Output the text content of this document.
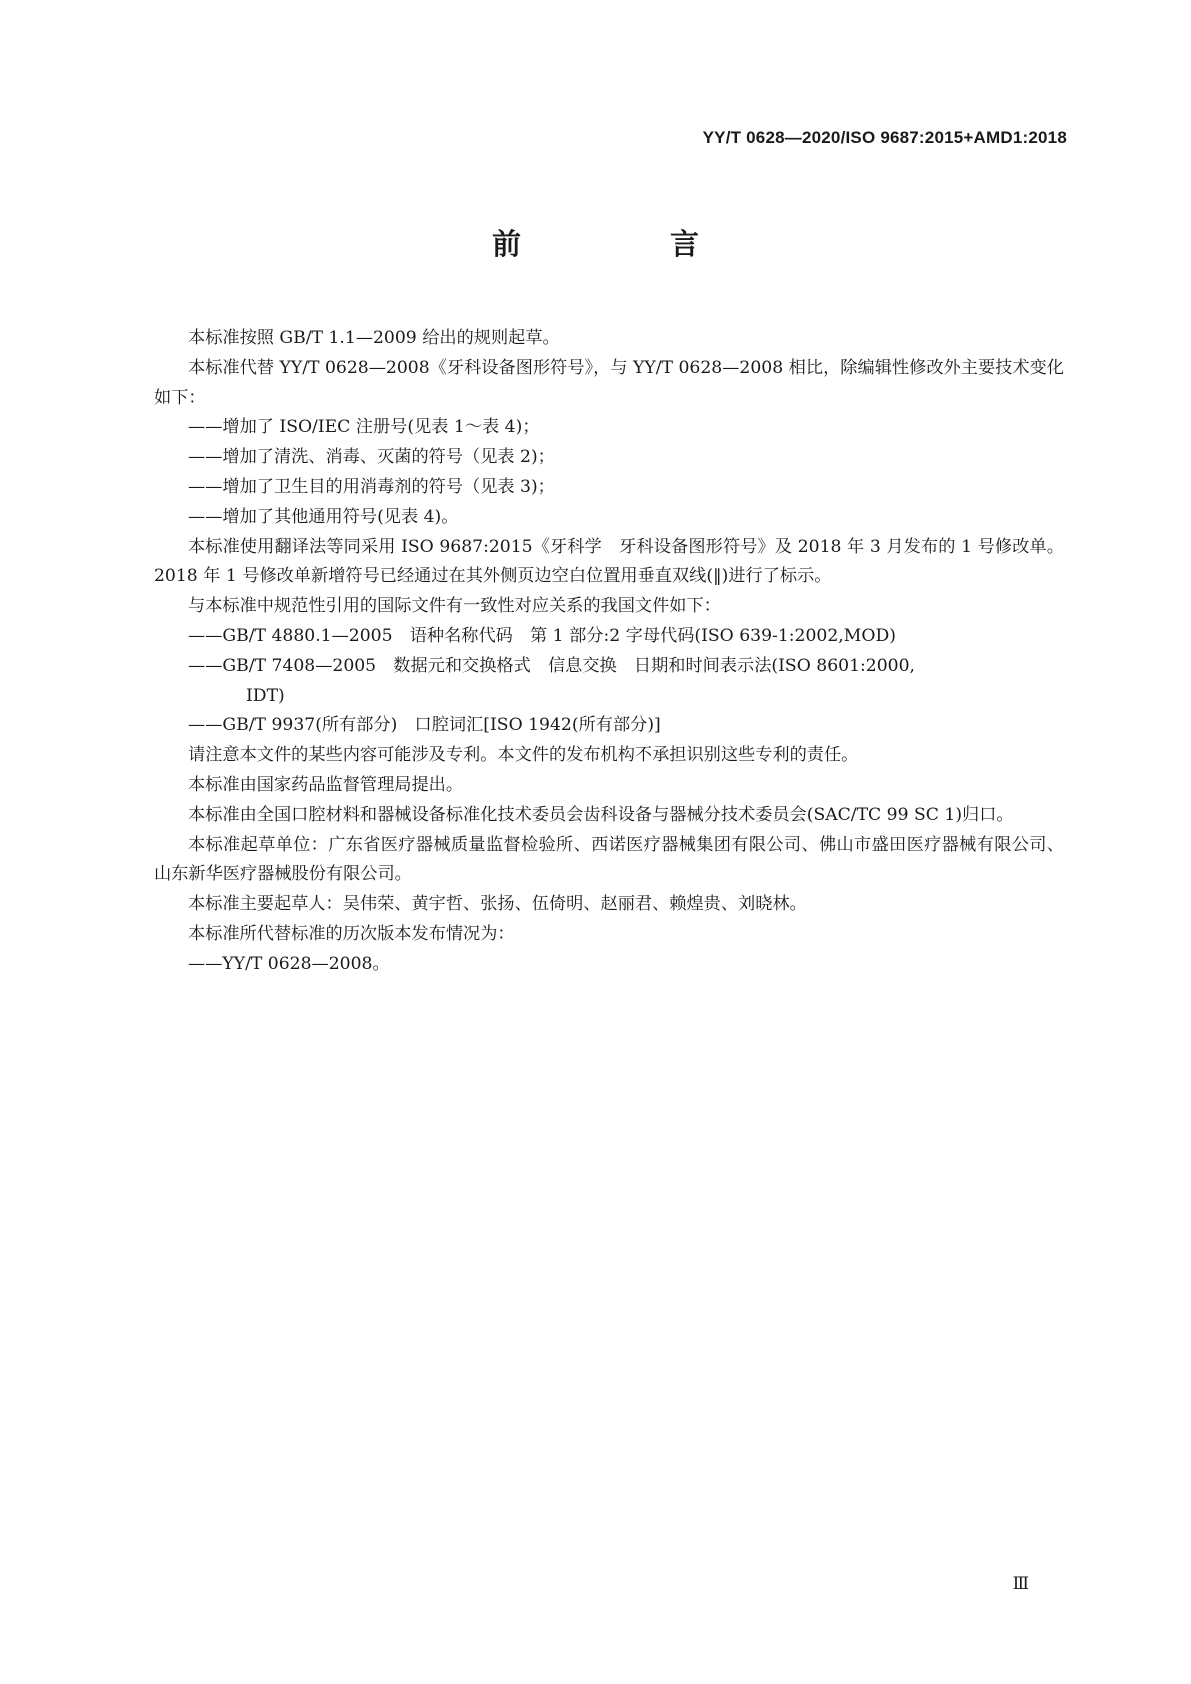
YY/T 0628—2020/ISO 9687:2015+AMD1:2018
前　言

本标准按照 GB/T 1.1—2009 给出的规则起草。

本标准代替 YY/T 0628—2008《牙科设备图形符号》，与 YY/T 0628—2008 相比，除编辑性修改外主要技术变化如下：

——增加了 ISO/IEC 注册号(见表 1～表 4)；

——增加了清洗、消毒、灭菌的符号（见表 2)；

——增加了卫生目的用消毒剂的符号（见表 3)；

——增加了其他通用符号(见表 4)。

本标准使用翻译法等同采用 ISO 9687:2015《牙科学　牙科设备图形符号》及 2018 年 3 月发布的 1 号修改单。2018 年 1 号修改单新增符号已经通过在其外侧页边空白位置用垂直双线(‖)进行了标示。

与本标准中规范性引用的国际文件有一致性对应关系的我国文件如下：

——GB/T 4880.1—2005　语种名称代码　第 1 部分:2 字母代码(ISO 639-1:2002,MOD)

——GB/T 7408—2005　数据元和交换格式　信息交换　日期和时间表示法(ISO 8601:2000,
IDT)

——GB/T 9937(所有部分)　口腔词汇[ISO 1942(所有部分)]

请注意本文件的某些内容可能涉及专利。本文件的发布机构不承担识别这些专利的责任。

本标准由国家药品监督管理局提出。

本标准由全国口腔材料和器械设备标准化技术委员会齿科设备与器械分技术委员会(SAC/TC 99 SC 1)归口。

本标准起草单位：广东省医疗器械质量监督检验所、西诺医疗器械集团有限公司、佛山市盛田医疗器械有限公司、山东新华医疗器械股份有限公司。

本标准主要起草人：吴伟荣、黄宇哲、张扬、伍倚明、赵丽君、赖煌贵、刘晓林。

本标准所代替标准的历次版本发布情况为：

——YY/T 0628—2008。

Ⅲ
